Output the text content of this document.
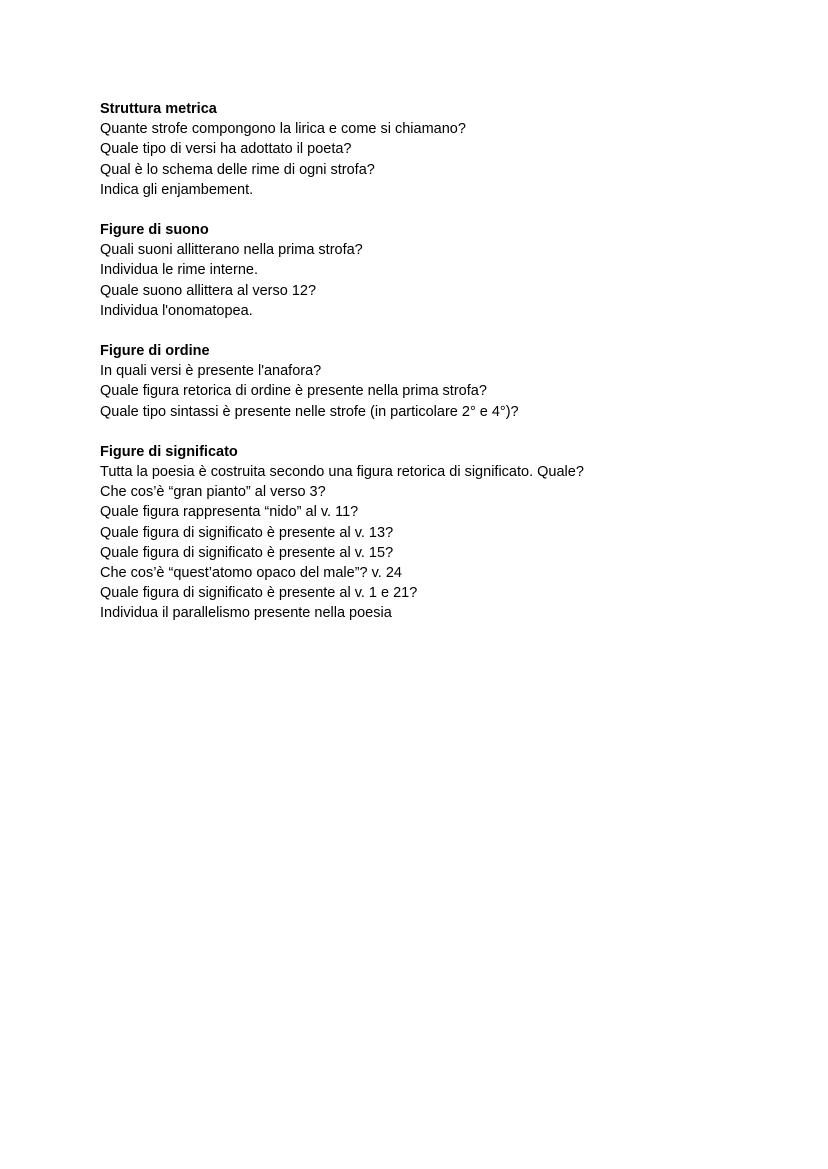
Struttura metrica
Quante strofe compongono la lirica e come si chiamano?
Quale tipo di versi ha adottato il poeta?
Qual è lo schema delle rime di ogni strofa?
Indica gli enjambement.
Figure di suono
Quali suoni allitterano nella prima strofa?
Individua le rime interne.
Quale suono allittera al verso 12?
Individua l'onomatopea.
Figure di ordine
In quali versi è presente l'anafora?
Quale figura retorica di ordine è presente nella prima strofa?
Quale tipo sintassi è presente nelle strofe (in particolare 2° e 4°)?
Figure di significato
Tutta la poesia è costruita secondo una figura retorica di significato. Quale?
Che cos’è “gran pianto” al verso 3?
Quale figura rappresenta “nido” al v. 11?
Quale figura di significato è presente al v. 13?
Quale figura di significato è presente al v. 15?
Che cos’è “quest’atomo opaco del male”? v. 24
Quale figura di significato è presente al v. 1 e 21?
Individua il parallelismo presente nella poesia
